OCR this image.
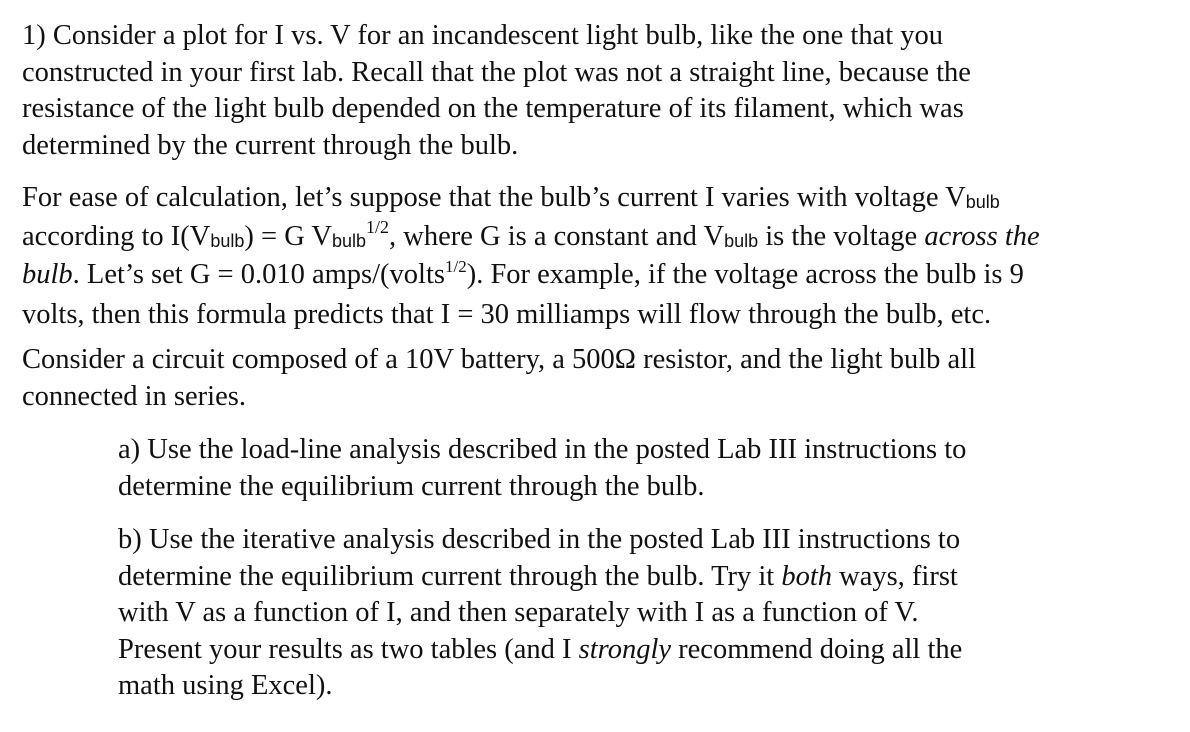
1) Consider a plot for I vs. V for an incandescent light bulb, like the one that you
constructed in your first lab. Recall that the plot was not a straight line, because the
resistance of the light bulb depended on the temperature of its filament, which was
determined by the current through the bulb.

For ease of calculation, let’s suppose that the bulb’s current I varies with voltage Vbulb
according to I(Vbulb) = G Vbulb$^{1/2}$, where G is a constant and Vbulb is the voltage across the
bulb. Let’s set G = 0.010 amps/(volts$^{1/2}$). For example, if the voltage across the bulb is 9
volts, then this formula predicts that I = 30 milliamps will flow through the bulb, etc.

Consider a circuit composed of a 10V battery, a 500Ω resistor, and the light bulb all
connected in series.

a) Use the load-line analysis described in the posted Lab III instructions to
determine the equilibrium current through the bulb.

b) Use the iterative analysis described in the posted Lab III instructions to
determine the equilibrium current through the bulb. Try it both ways, first
with V as a function of I, and then separately with I as a function of V.
Present your results as two tables (and I strongly recommend doing all the
math using Excel).
